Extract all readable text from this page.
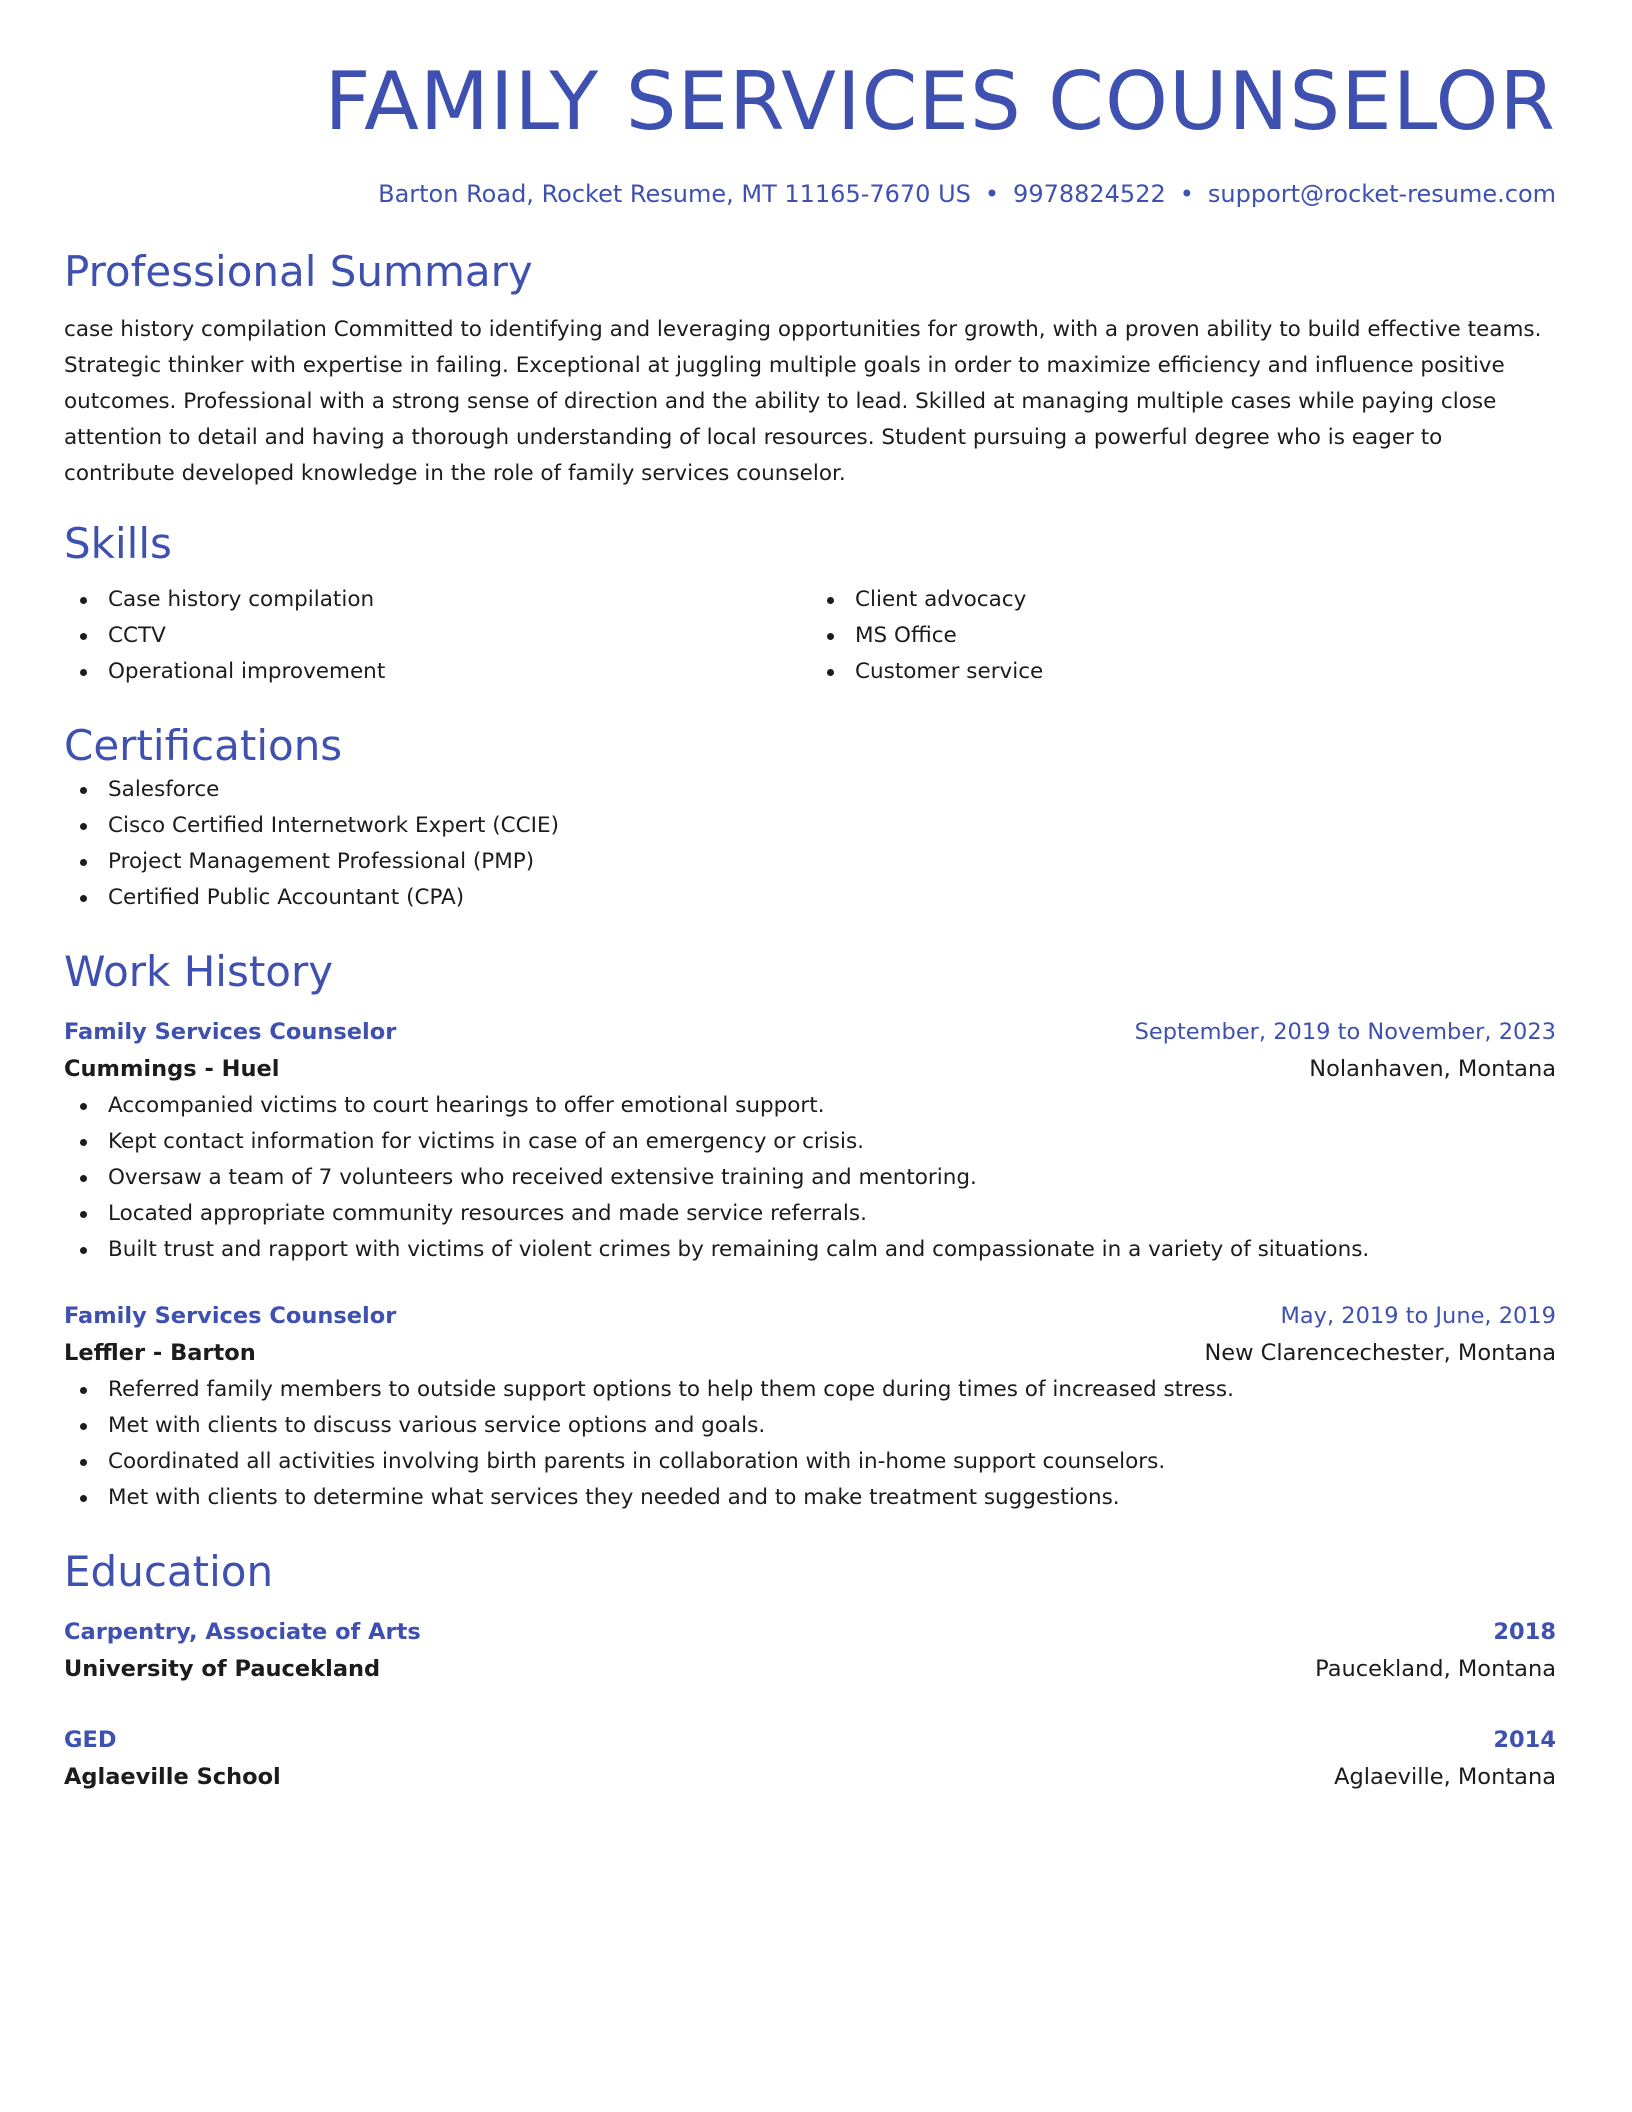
FAMILY SERVICES COUNSELOR
Barton Road, Rocket Resume, MT 11165-7670 US • 9978824522 • support@rocket-resume.com
Professional Summary
case history compilation Committed to identifying and leveraging opportunities for growth, with a proven ability to build effective teams. Strategic thinker with expertise in failing. Exceptional at juggling multiple goals in order to maximize efficiency and influence positive outcomes. Professional with a strong sense of direction and the ability to lead. Skilled at managing multiple cases while paying close attention to detail and having a thorough understanding of local resources. Student pursuing a powerful degree who is eager to contribute developed knowledge in the role of family services counselor.
Skills
Case history compilation
CCTV
Operational improvement
Client advocacy
MS Office
Customer service
Certifications
Salesforce
Cisco Certified Internetwork Expert (CCIE)
Project Management Professional (PMP)
Certified Public Accountant (CPA)
Work History
Family Services Counselor	September, 2019 to November, 2023
Cummings - Huel	Nolanhaven, Montana
Accompanied victims to court hearings to offer emotional support.
Kept contact information for victims in case of an emergency or crisis.
Oversaw a team of 7 volunteers who received extensive training and mentoring.
Located appropriate community resources and made service referrals.
Built trust and rapport with victims of violent crimes by remaining calm and compassionate in a variety of situations.
Family Services Counselor	May, 2019 to June, 2019
Leffler - Barton	New Clarencechester, Montana
Referred family members to outside support options to help them cope during times of increased stress.
Met with clients to discuss various service options and goals.
Coordinated all activities involving birth parents in collaboration with in-home support counselors.
Met with clients to determine what services they needed and to make treatment suggestions.
Education
Carpentry, Associate of Arts	2018
University of Paucekland	Paucekland, Montana
GED	2014
Aglaeville School	Aglaeville, Montana
